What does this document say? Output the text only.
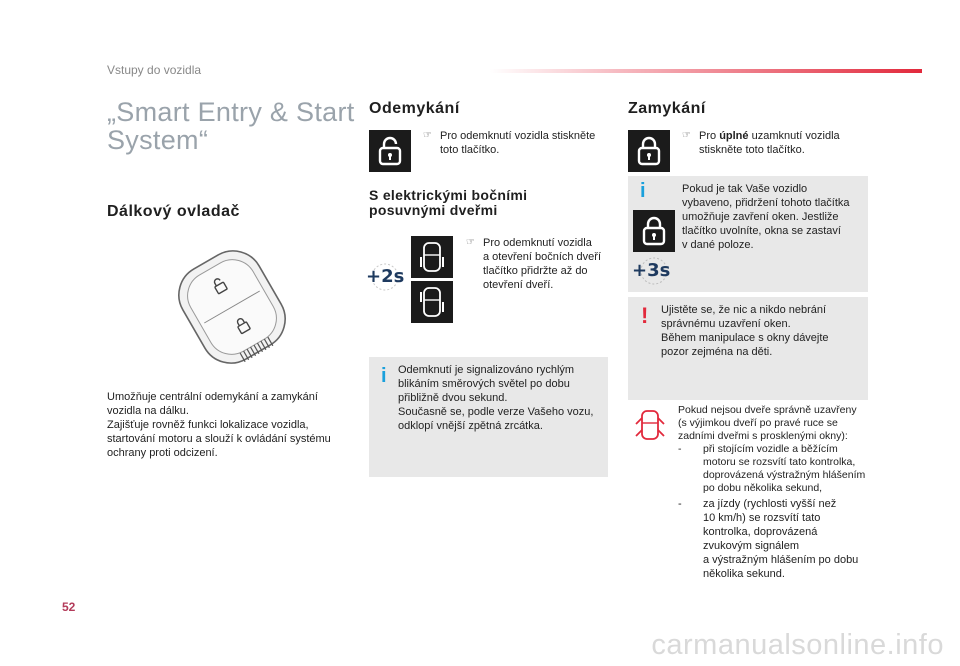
Vstupy do vozidla
„Smart Entry & Start System“
Dálkový ovladač
Umožňuje centrální odemykání a zamykání
vozidla na dálku.
Zajišťuje rovněž funkci lokalizace vozidla,
startování motoru a slouží k ovládání systému
ochrany proti odcizení.
52
Odemykání
☞ Pro odemknutí vozidla stiskněte
toto tlačítko.
S elektrickými bočními
posuvnými dveřmi
+2s
☞ Pro odemknutí vozidla
a otevření bočních dveří
tlačítko přidržte až do
otevření dveří.
i Odemknutí je signalizováno rychlým
blikáním směrových světel po dobu
přibližně dvou sekund.
Současně se, podle verze Vašeho vozu,
odklopí vnější zpětná zrcátka.
Zamykání
☞ Pro úplné uzamknutí vozidla
stiskněte toto tlačítko.
i
+3s
Pokud je tak Vaše vozidlo
vybaveno, přidržení tohoto tlačítka
umožňuje zavření oken. Jestliže
tlačítko uvolníte, okna se zastaví
v dané poloze.
! Ujistěte se, že nic a nikdo nebrání
správnému uzavření oken.
Během manipulace s okny dávejte
pozor zejména na děti.
Pokud nejsou dveře správně uzavřeny
(s výjimkou dveří po pravé ruce se
zadními dveřmi s prosklenými okny):
- při stojícím vozidle a běžícím
motoru se rozsvítí tato kontrolka,
doprovázená výstražným hlášením
po dobu několika sekund,
- za jízdy (rychlosti vyšší než
10 km/h) se rozsvítí tato
kontrolka, doprovázená
zvukovým signálem
a výstražným hlášením po dobu
několika sekund.
carmanualsonline.info
